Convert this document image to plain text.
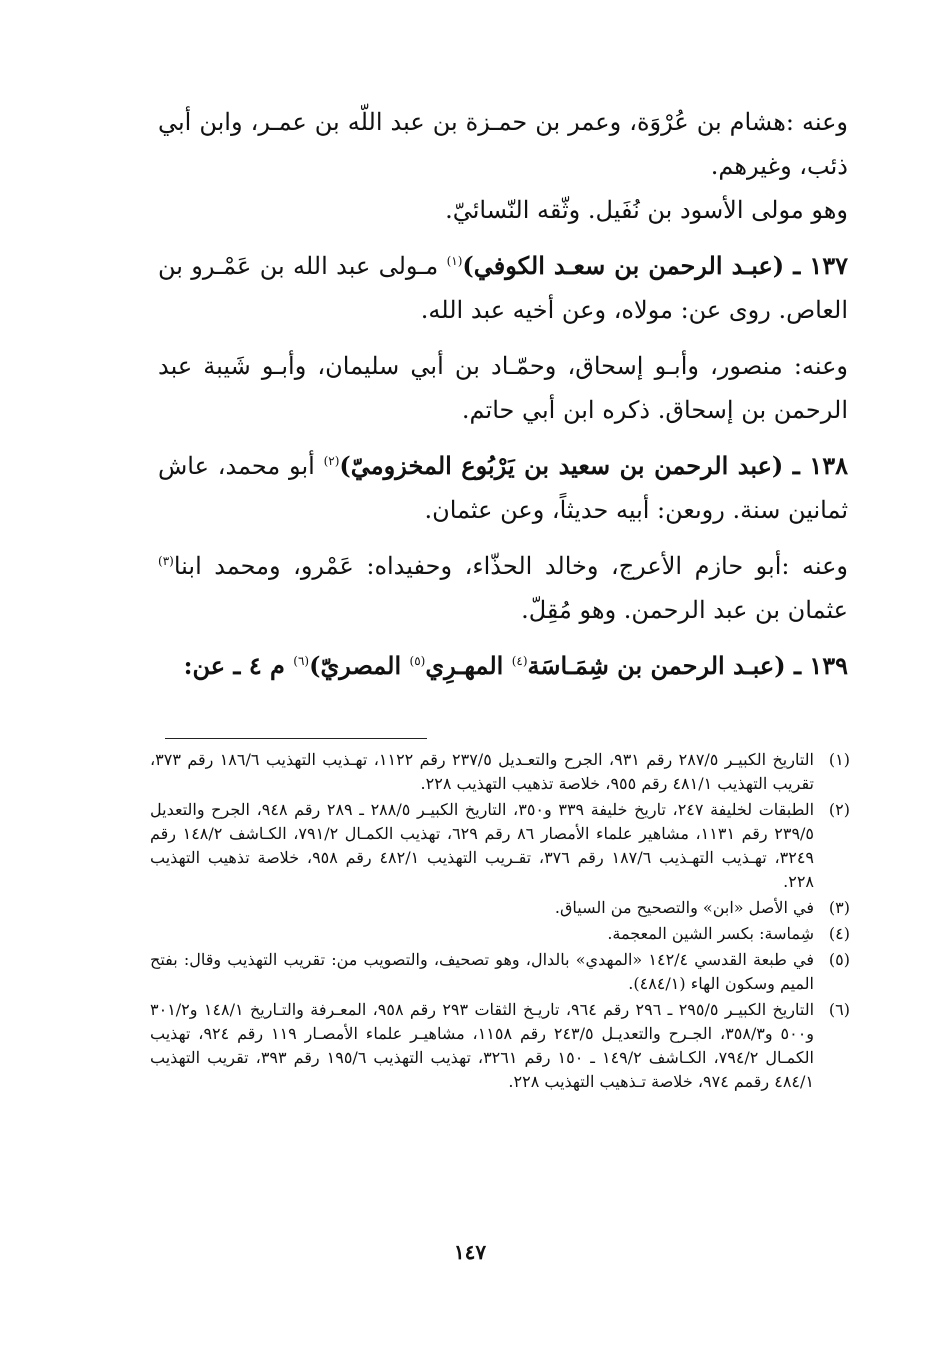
وعنه :هشام بن عُرْوَة، وعمر بن حمـزة بن عبد اللّه بن عمـر، وابن أبي ذئب، وغيرهم.

وهو مولى الأسود بن نُفَيل. وثّقه النّسائيّ.

١٣٧ ـ (عبـد الرحمن بن سعـد الكوفي)$^{(١)}$ مـولى عبد الله بن عَمْـرو بن العاص. روى عن: مولاه، وعن أخيه عبد الله.

وعنه: منصور، وأبـو إسحاق، وحمّـاد بن أبي سليمان، وأبـو شَيبة عبد الرحمن بن إسحاق. ذكره ابن أبي حاتم.

١٣٨ ـ (عبد الرحمن بن سعيد بن يَرْبُوع المخزوميّ)$^{(٢)}$ أبو محمد، عاش ثمانين سنة. روىعن: أبيه حديثاً، وعن عثمان.

وعنه :أبو حازم الأعرج، وخالد الحذّاء، وحفيداه: عَمْرو، ومحمد ابنا$^{(٣)}$ عثمان بن عبد الرحمن. وهو مُقِلّ.

١٣٩ ـ (عبـد الرحمن بن شِمَـاسَة$^{(٤)}$ المهـرِي$^{(٥)}$ المصريّ)$^{(٦)}$ م ٤ ـ عن:

(١)
التاريخ الكبيـر ٢٨٧/٥ رقم ٩٣١، الجرح والتعـديل ٢٣٧/٥ رقم ١١٢٢، تهـذيب التهذيب ١٨٦/٦ رقم ٣٧٣، تقريب التهذيب ٤٨١/١ رقم ٩٥٥، خلاصة تذهيب التهذيب ٢٢٨.
(٢)
الطبقات لخليفة ٢٤٧، تاريخ خليفة ٣٣٩ و٣٥٠، التاريخ الكبيـر ٢٨٨/٥ ـ ٢٨٩ رقم ٩٤٨، الجرح والتعديل ٢٣٩/٥ رقم ١١٣١، مشاهير علماء الأمصار ٨٦ رقم ٦٢٩، تهذيب الكمـال ٧٩١/٢، الكـاشف ١٤٨/٢ رقم ٣٢٤٩، تهـذيب التهـذيب ١٨٧/٦ رقم ٣٧٦، تقـريب التهذيب ٤٨٢/١ رقم ٩٥٨، خلاصة تذهيب التهذيب ٢٢٨.
(٣)
في الأصل «ابن» والتصحيح من السياق.
(٤)
شِماسة: بكسر الشين المعجمة.
(٥)
في طبعة القدسي ١٤٢/٤ «المهدي» بالدال، وهو تصحيف، والتصويب من: تقريب التهذيب وقال: بفتح الميم وسكون الهاء (٤٨٤/١).
(٦)
التاريخ الكبيـر ٢٩٥/٥ ـ ٢٩٦ رقم ٩٦٤، تاريـخ الثقات ٢٩٣ رقم ٩٥٨، المعـرفة والتـاريخ ١٤٨/١ و٣٠١/٢ و٥٠٠ و٣٥٨/٣، الجـرح والتعديـل ٢٤٣/٥ رقم ١١٥٨، مشاهيـر علماء الأمصـار ١١٩ رقم ٩٢٤، تهذيب الكمـال ٧٩٤/٢، الكـاشف ١٤٩/٢ ـ ١٥٠ رقم ٣٢٦١، تهذيب التهذيب ١٩٥/٦ رقم ٣٩٣، تقريب التهذيب ٤٨٤/١ رقمم ٩٧٤، خلاصة تـذهيب التهذيب ٢٢٨.
١٤٧
